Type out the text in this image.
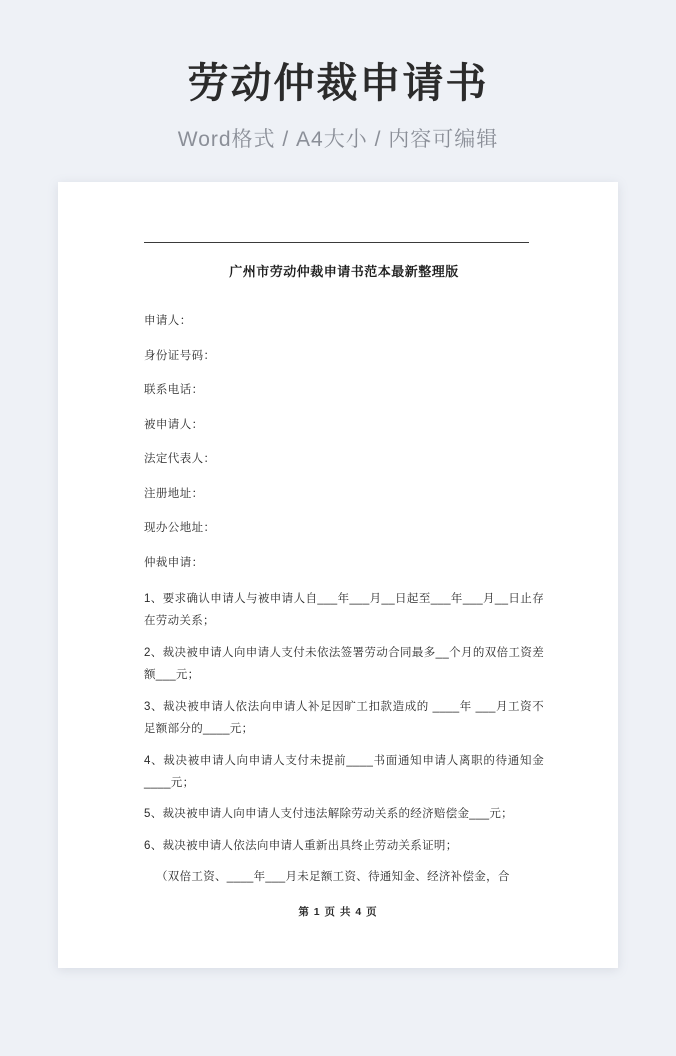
劳动仲裁申请书
Word格式 / A4大小 / 内容可编辑
广州市劳动仲裁申请书范本最新整理版
申请人：
身份证号码：
联系电话：
被申请人：
法定代表人：
注册地址：
现办公地址：
仲裁申请：
1、要求确认申请人与被申请人自___年___月__日起至___年___月__日止存在劳动关系；
2、裁决被申请人向申请人支付未依法签署劳动合同最多__个月的双倍工资差额___元；
3、裁决被申请人依法向申请人补足因旷工扣款造成的 ____年 ___月工资不足额部分的____元；
4、裁决被申请人向申请人支付未提前____书面通知申请人离职的待通知金____元；
5、裁决被申请人向申请人支付违法解除劳动关系的经济赔偿金___元；
6、裁决被申请人依法向申请人重新出具终止劳动关系证明；
（双倍工资、____年___月未足额工资、待通知金、经济补偿金，合
第 1 页 共 4 页
